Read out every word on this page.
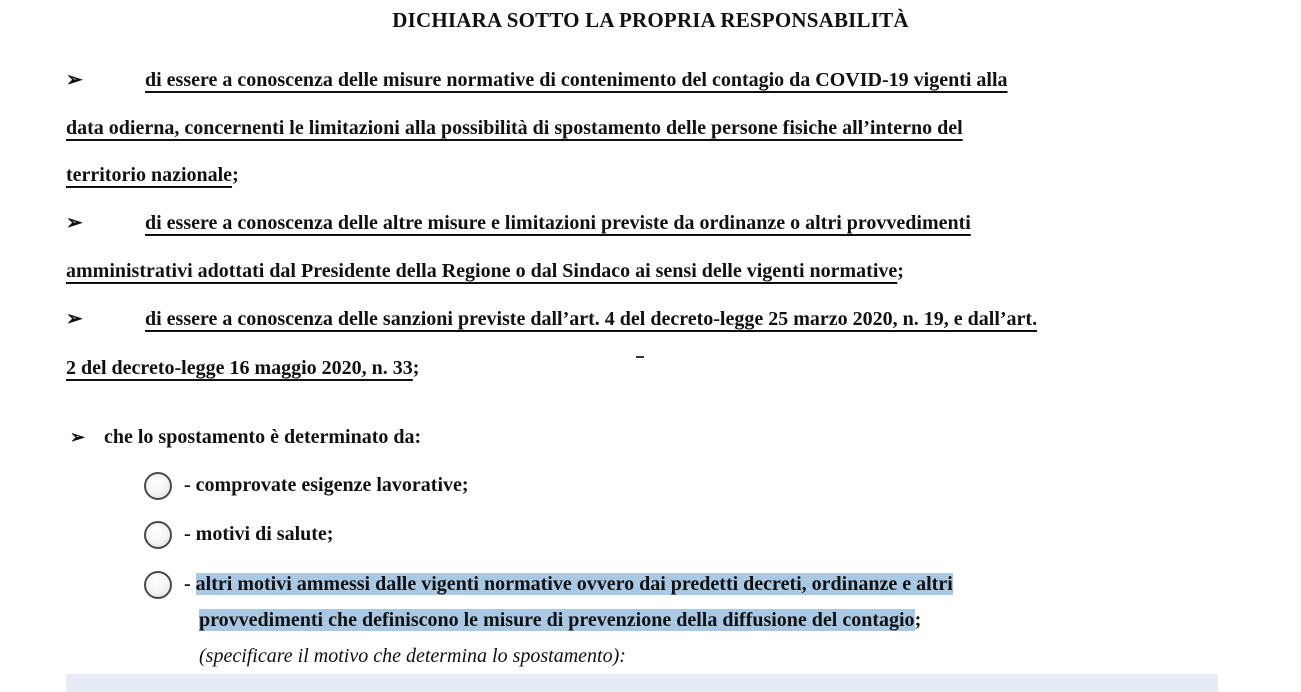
DICHIARA SOTTO LA PROPRIA RESPONSABILITÀ
➢	di essere a conoscenza delle misure normative di contenimento del contagio da COVID-19 vigenti alla
data odierna, concernenti le limitazioni alla possibilità di spostamento delle persone fisiche all’interno del
territorio nazionale;
➢	di essere a conoscenza delle altre misure e limitazioni previste da ordinanze o altri provvedimenti
amministrativi adottati dal Presidente della Regione o dal Sindaco ai sensi delle vigenti normative;
➢	di essere a conoscenza delle sanzioni previste dall’art. 4 del decreto-legge 25 marzo 2020, n. 19, e dall’art.
2 del decreto-legge 16 maggio 2020, n. 33;
➢ che lo spostamento è determinato da:
- comprovate esigenze lavorative;
- motivi di salute;
- altri motivi ammessi dalle vigenti normative ovvero dai predetti decreti, ordinanze e altri
provvedimenti che definiscono le misure di prevenzione della diffusione del contagio;
(specificare il motivo che determina lo spostamento):
